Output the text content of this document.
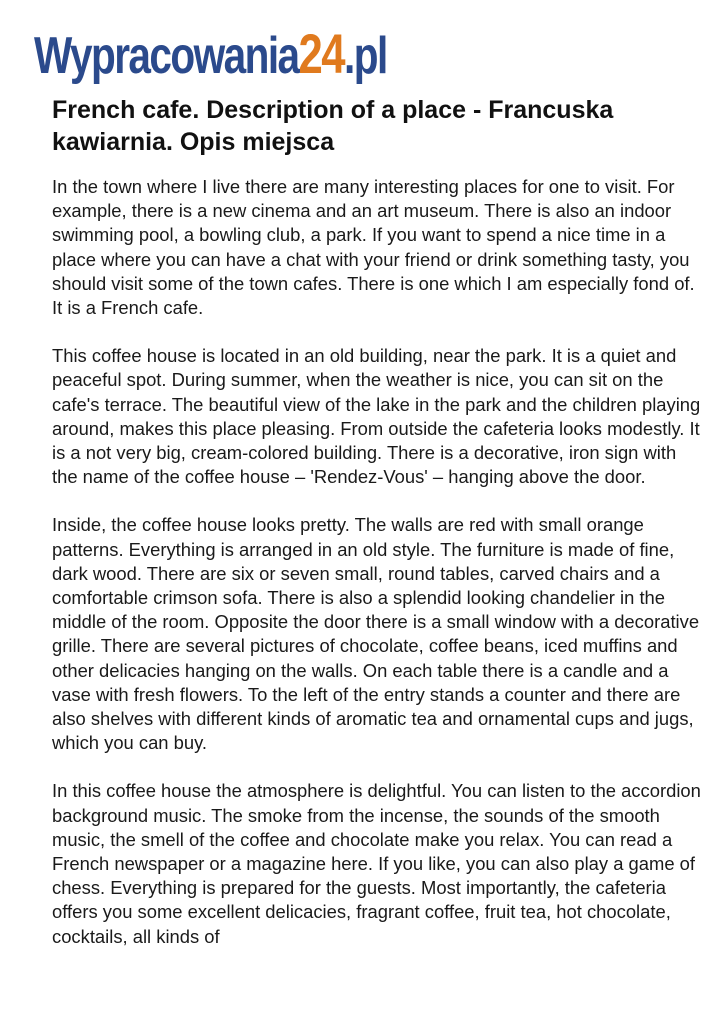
Wypracowania 24 .pl
French cafe. Description of a place - Francuska kawiarnia. Opis miejsca

In the town where I live there are many interesting places for one to visit. For example, there is a new cinema and an art museum. There is also an indoor swimming pool, a bowling club, a park. If you want to spend a nice time in a place where you can have a chat with your friend or drink something tasty, you should visit some of the town cafes. There is one which I am especially fond of. It is a French cafe.

This coffee house is located in an old building, near the park. It is a quiet and peaceful spot. During summer, when the weather is nice, you can sit on the cafe's terrace. The beautiful view of the lake in the park and the children playing around, makes this place pleasing. From outside the cafeteria looks modestly. It is a not very big, cream-colored building. There is a decorative, iron sign with the name of the coffee house – 'Rendez-Vous' – hanging above the door.

Inside, the coffee house looks pretty. The walls are red with small orange patterns. Everything is arranged in an old style. The furniture is made of fine, dark wood. There are six or seven small, round tables, carved chairs and a comfortable crimson sofa. There is also a splendid looking chandelier in the middle of the room. Opposite the door there is a small window with a decorative grille. There are several pictures of chocolate, coffee beans, iced muffins and other delicacies hanging on the walls. On each table there is a candle and a vase with fresh flowers. To the left of the entry stands a counter and there are also shelves with different kinds of aromatic tea and ornamental cups and jugs, which you can buy.

In this coffee house the atmosphere is delightful. You can listen to the accordion background music. The smoke from the incense, the sounds of the smooth music, the smell of the coffee and chocolate make you relax. You can read a French newspaper or a magazine here. If you like, you can also play a game of chess. Everything is prepared for the guests. Most importantly, the cafeteria offers you some excellent delicacies, fragrant coffee, fruit tea, hot chocolate, cocktails, all kinds of
